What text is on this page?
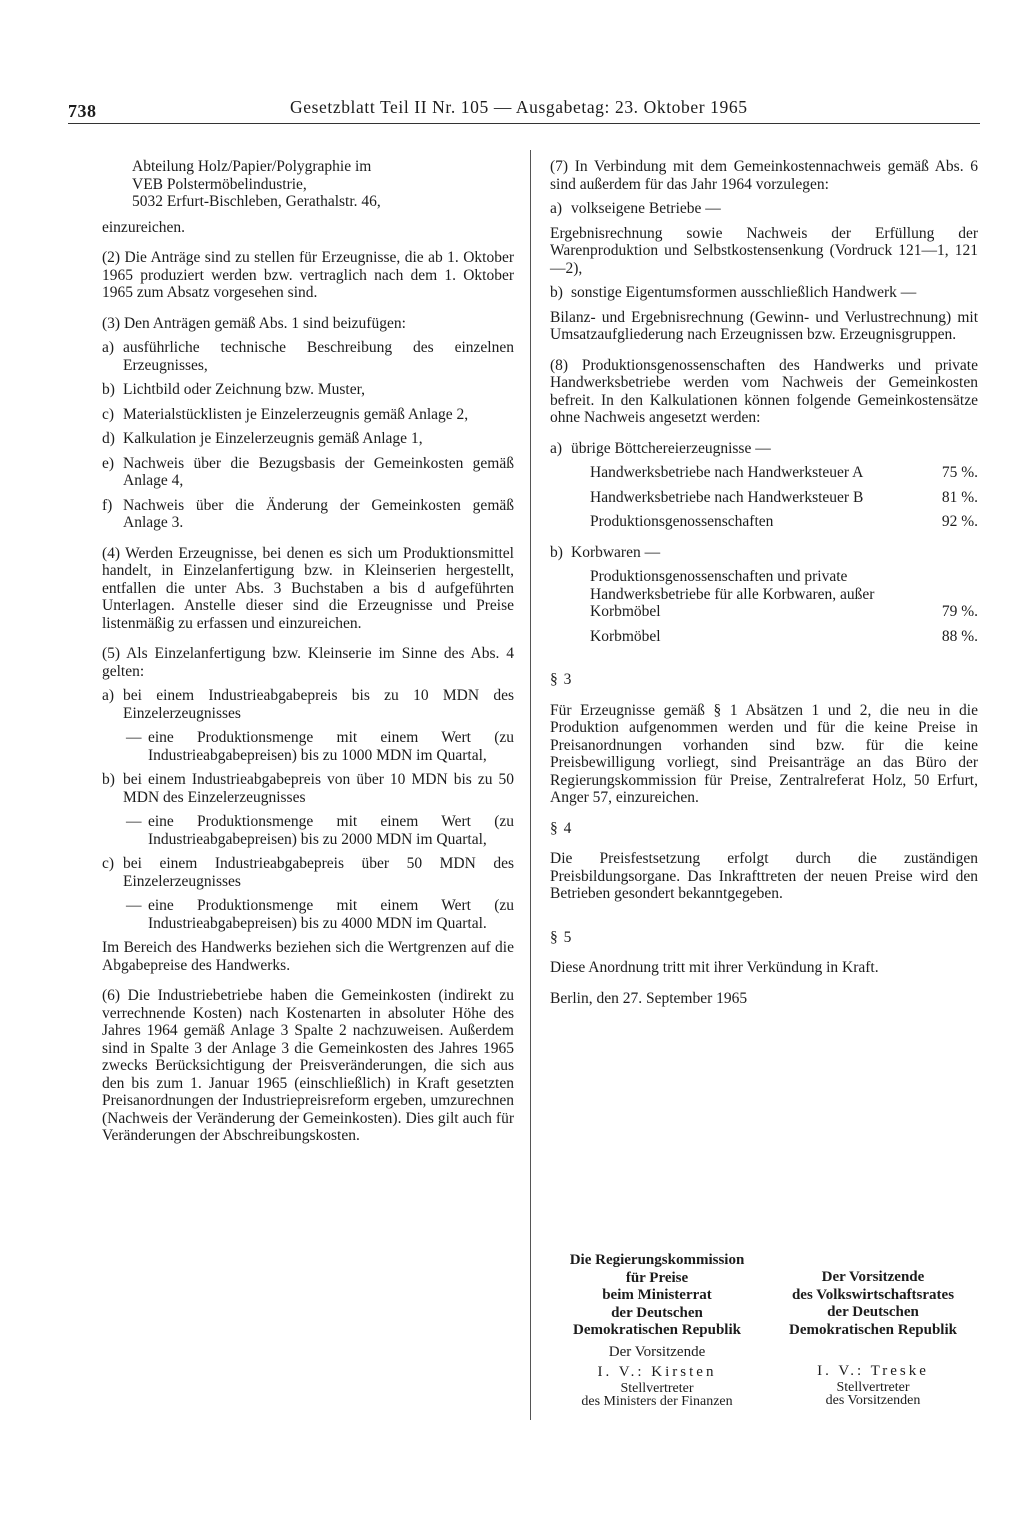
738	Gesetzblatt Teil II Nr. 105 — Ausgabetag: 23. Oktober 1965
Abteilung Holz/Papier/Polygraphie im
VEB Polstermöbelindustrie,
5032 Erfurt-Bischleben, Gerathalstr. 46,

einzureichen.

(2) Die Anträge sind zu stellen für Erzeugnisse, die ab 1. Oktober 1965 produziert werden bzw. vertraglich nach dem 1. Oktober 1965 zum Absatz vorgesehen sind.

(3) Den Anträgen gemäß Abs. 1 sind beizufügen:

a) ausführliche technische Beschreibung des einzelnen Erzeugnisses,
b) Lichtbild oder Zeichnung bzw. Muster,
c) Materialstücklisten je Einzelerzeugnis gemäß Anlage 2,
d) Kalkulation je Einzelerzeugnis gemäß Anlage 1,
e) Nachweis über die Bezugsbasis der Gemeinkosten gemäß Anlage 4,
f) Nachweis über die Änderung der Gemeinkosten gemäß Anlage 3.

(4) Werden Erzeugnisse, bei denen es sich um Produktionsmittel handelt, in Einzelanfertigung bzw. in Kleinserien hergestellt, entfallen die unter Abs. 3 Buchstaben a bis d aufgeführten Unterlagen. Anstelle dieser sind die Erzeugnisse und Preise listenmäßig zu erfassen und einzureichen.

(5) Als Einzelanfertigung bzw. Kleinserie im Sinne des Abs. 4 gelten:

a) bei einem Industrieabgabepreis bis zu 10 MDN des Einzelerzeugnisses
— eine Produktionsmenge mit einem Wert (zu Industrieabgabepreisen) bis zu 1000 MDN im Quartal,
b) bei einem Industrieabgabepreis von über 10 MDN bis zu 50 MDN des Einzelerzeugnisses
— eine Produktionsmenge mit einem Wert (zu Industrieabgabepreisen) bis zu 2000 MDN im Quartal,
c) bei einem Industrieabgabepreis über 50 MDN des Einzelerzeugnisses
— eine Produktionsmenge mit einem Wert (zu Industrieabgabepreisen) bis zu 4000 MDN im Quartal.

Im Bereich des Handwerks beziehen sich die Wertgrenzen auf die Abgabepreise des Handwerks.

(6) Die Industriebetriebe haben die Gemeinkosten (indirekt zu verrechnende Kosten) nach Kostenarten in absoluter Höhe des Jahres 1964 gemäß Anlage 3 Spalte 2 nachzuweisen. Außerdem sind in Spalte 3 der Anlage 3 die Gemeinkosten des Jahres 1965 zwecks Berücksichtigung der Preisveränderungen, die sich aus den bis zum 1. Januar 1965 (einschließlich) in Kraft gesetzten Preisanordnungen der Industriepreisreform ergeben, umzurechnen (Nachweis der Veränderung der Gemeinkosten). Dies gilt auch für Veränderungen der Abschreibungskosten.

(7) In Verbindung mit dem Gemeinkostennachweis gemäß Abs. 6 sind außerdem für das Jahr 1964 vorzulegen:

a) volkseigene Betriebe —

Ergebnisrechnung sowie Nachweis der Erfüllung der Warenproduktion und Selbstkostensenkung (Vordruck 121—1, 121—2),

b) sonstige Eigentumsformen ausschließlich Handwerk —

Bilanz- und Ergebnisrechnung (Gewinn- und Verlustrechnung) mit Umsatzaufgliederung nach Erzeugnissen bzw. Erzeugnisgruppen.

(8) Produktionsgenossenschaften des Handwerks und private Handwerksbetriebe werden vom Nachweis der Gemeinkosten befreit. In den Kalkulationen können folgende Gemeinkostensätze ohne Nachweis angesetzt werden:

a) übrige Böttchereierzeugnisse —
Handwerksbetriebe nach Handwerksteuer A	75 %.
Handwerksbetriebe nach Handwerksteuer B	81 %.
Produktionsgenossenschaften	92 %.
b) Korbwaren —
Produktionsgenossenschaften und private Handwerksbetriebe für alle Korbwaren, außer Korbmöbel	79 %.
Korbmöbel	88 %.

§ 3

Für Erzeugnisse gemäß § 1 Absätzen 1 und 2, die neu in die Produktion aufgenommen werden und für die keine Preise in Preisanordnungen vorhanden sind bzw. für die keine Preisbewilligung vorliegt, sind Preisanträge an das Büro der Regierungskommission für Preise, Zentralreferat Holz, 50 Erfurt, Anger 57, einzureichen.

§ 4

Die Preisfestsetzung erfolgt durch die zuständigen Preisbildungsorgane. Das Inkrafttreten der neuen Preise wird den Betrieben gesondert bekanntgegeben.

§ 5

Diese Anordnung tritt mit ihrer Verkündung in Kraft.

Berlin, den 27. September 1965

Die Regierungskommission
für Preise
beim Ministerrat
der Deutschen
Demokratischen Republik
Der Vorsitzende
I. V.: Kirsten
Stellvertreter
des Ministers der Finanzen
Der Vorsitzende
des Volkswirtschaftsrates
der Deutschen
Demokratischen Republik
I. V.: Treske
Stellvertreter
des Vorsitzenden
